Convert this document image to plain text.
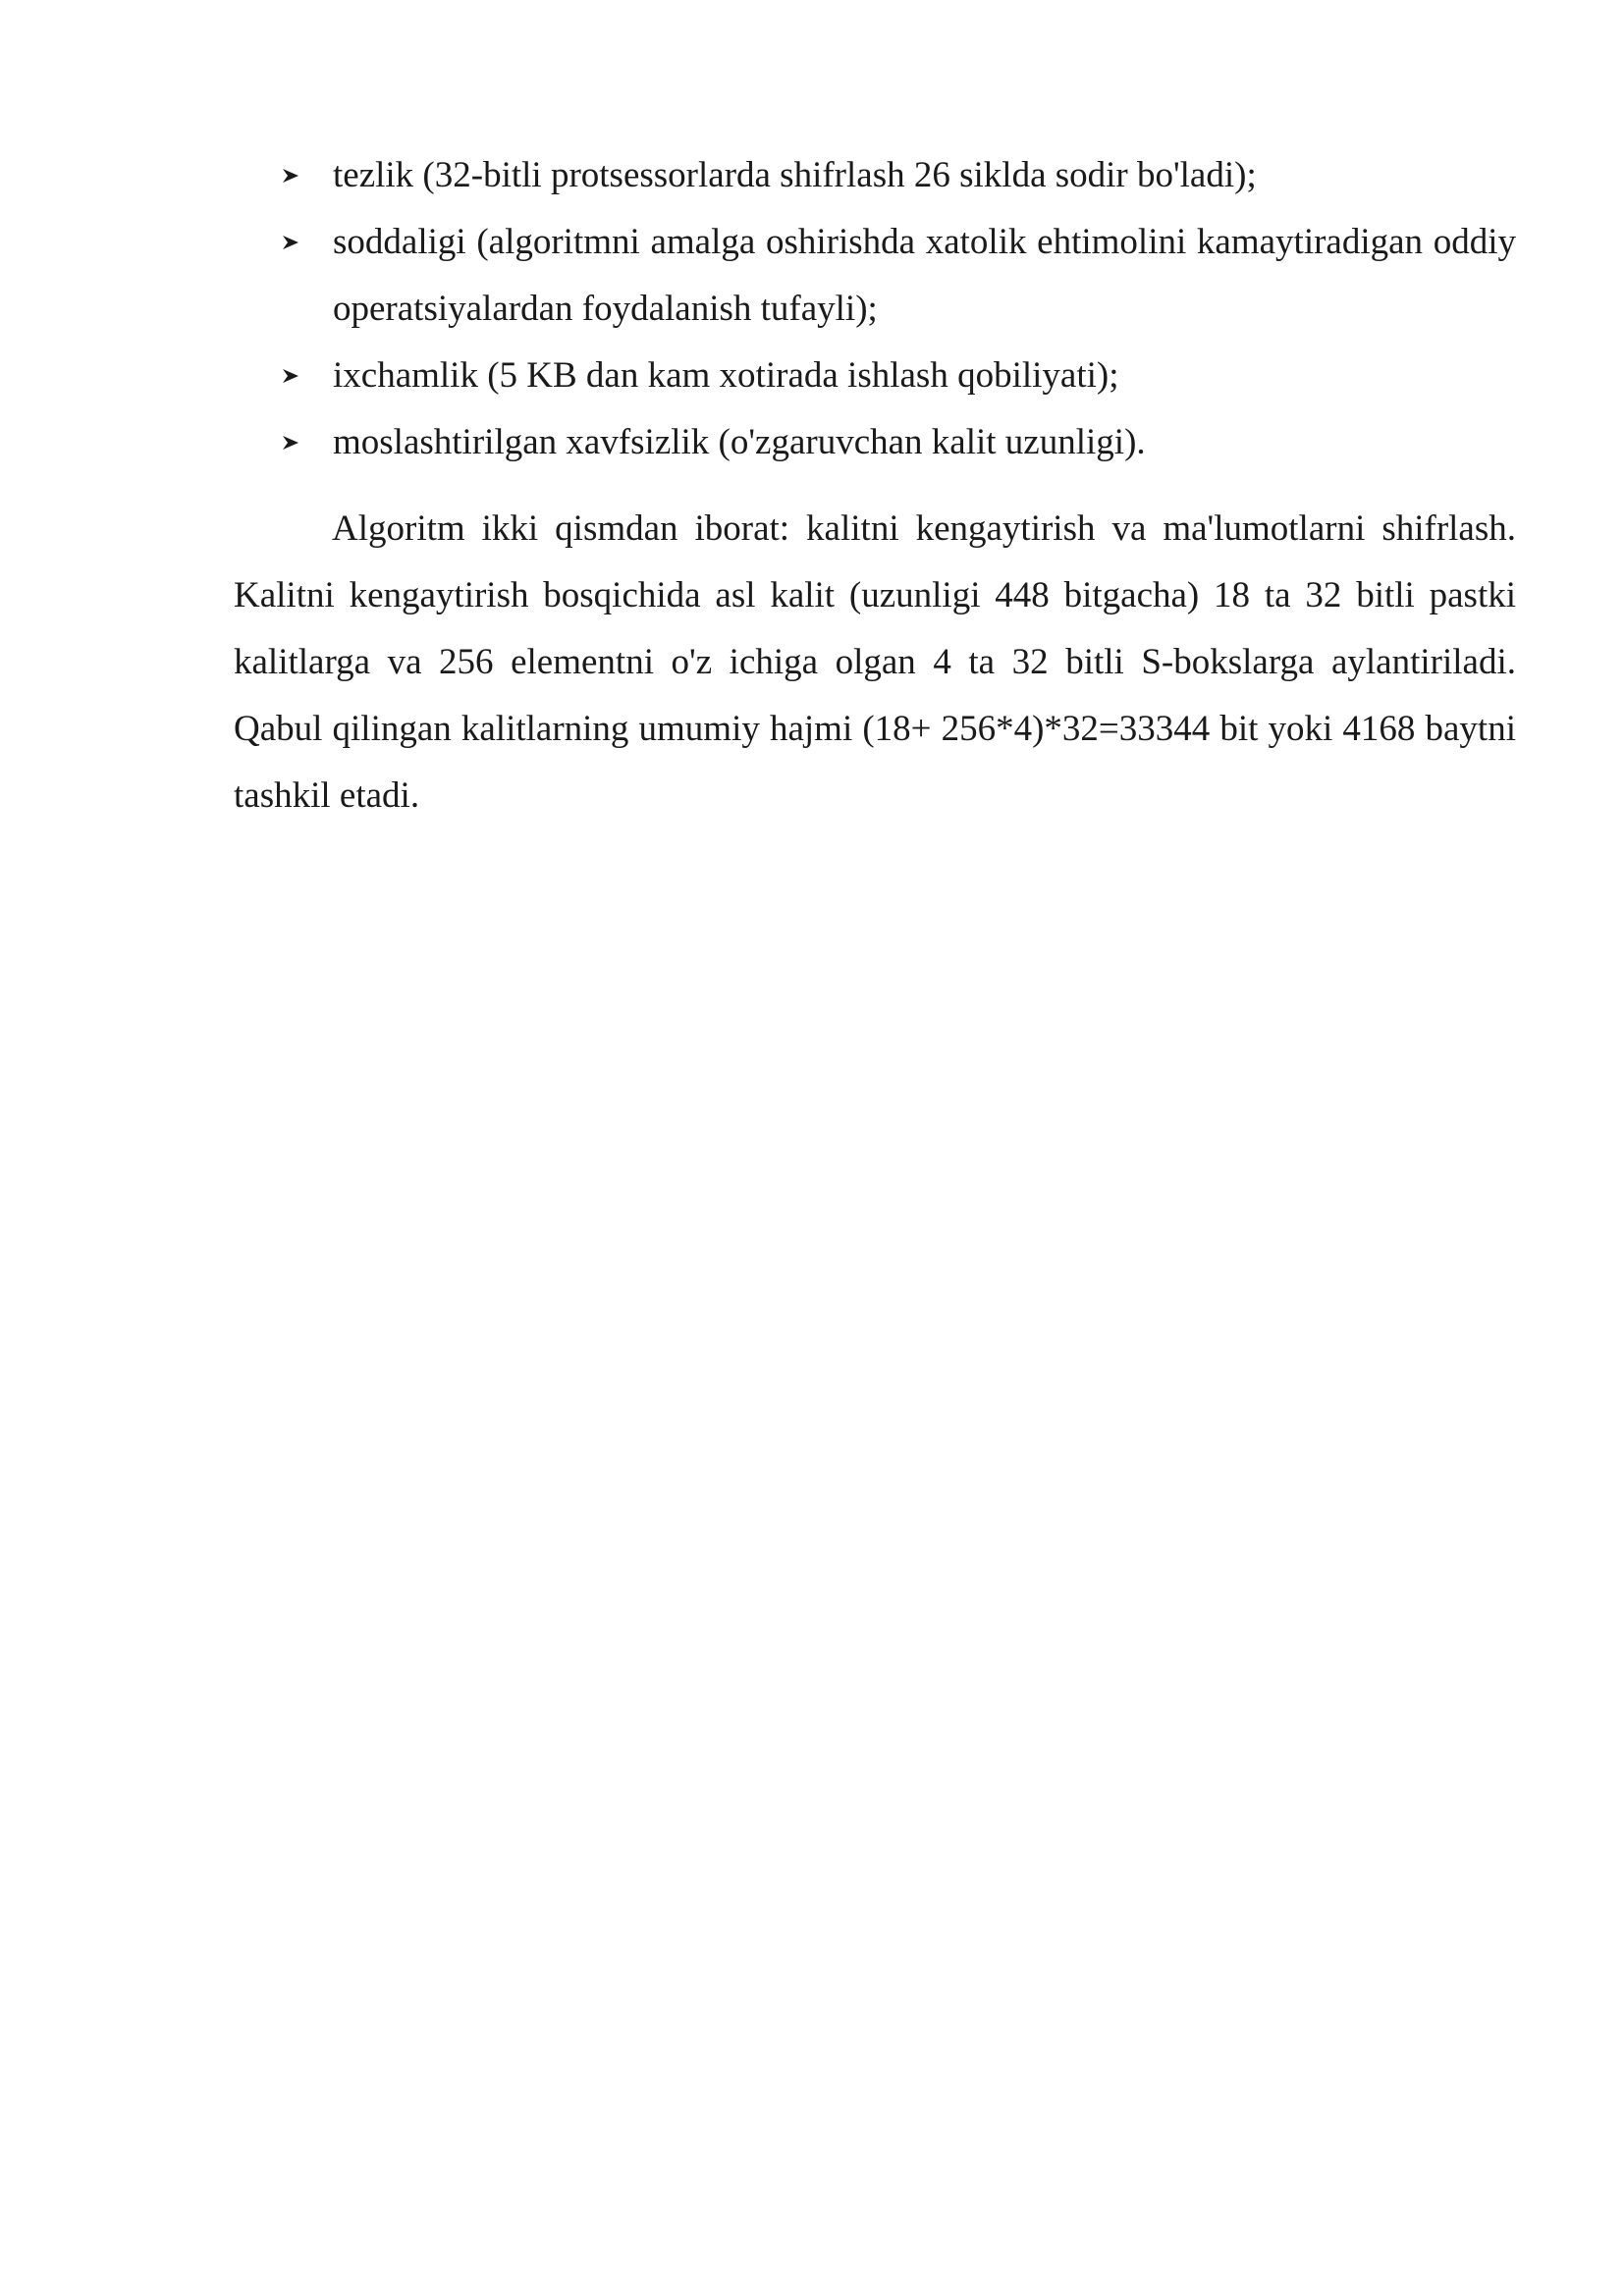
tezlik (32-bitli protsessorlarda shifrlash 26 siklda sodir bo'ladi);
soddaligi (algoritmni amalga oshirishda xatolik ehtimolini kamaytiradigan oddiy operatsiyalardan foydalanish tufayli);
ixchamlik (5 KB dan kam xotirada ishlash qobiliyati);
moslashtirilgan xavfsizlik (o'zgaruvchan kalit uzunligi).

Algoritm ikki qismdan iborat: kalitni kengaytirish va ma'lumotlarni shifrlash. Kalitni kengaytirish bosqichida asl kalit (uzunligi 448 bitgacha) 18 ta 32 bitli pastki kalitlarga va 256 elementni o'z ichiga olgan 4 ta 32 bitli S-bokslarga aylantiriladi. Qabul qilingan kalitlarning umumiy hajmi (18+ 256*4)*32=33344 bit yoki 4168 baytni tashkil etadi.
